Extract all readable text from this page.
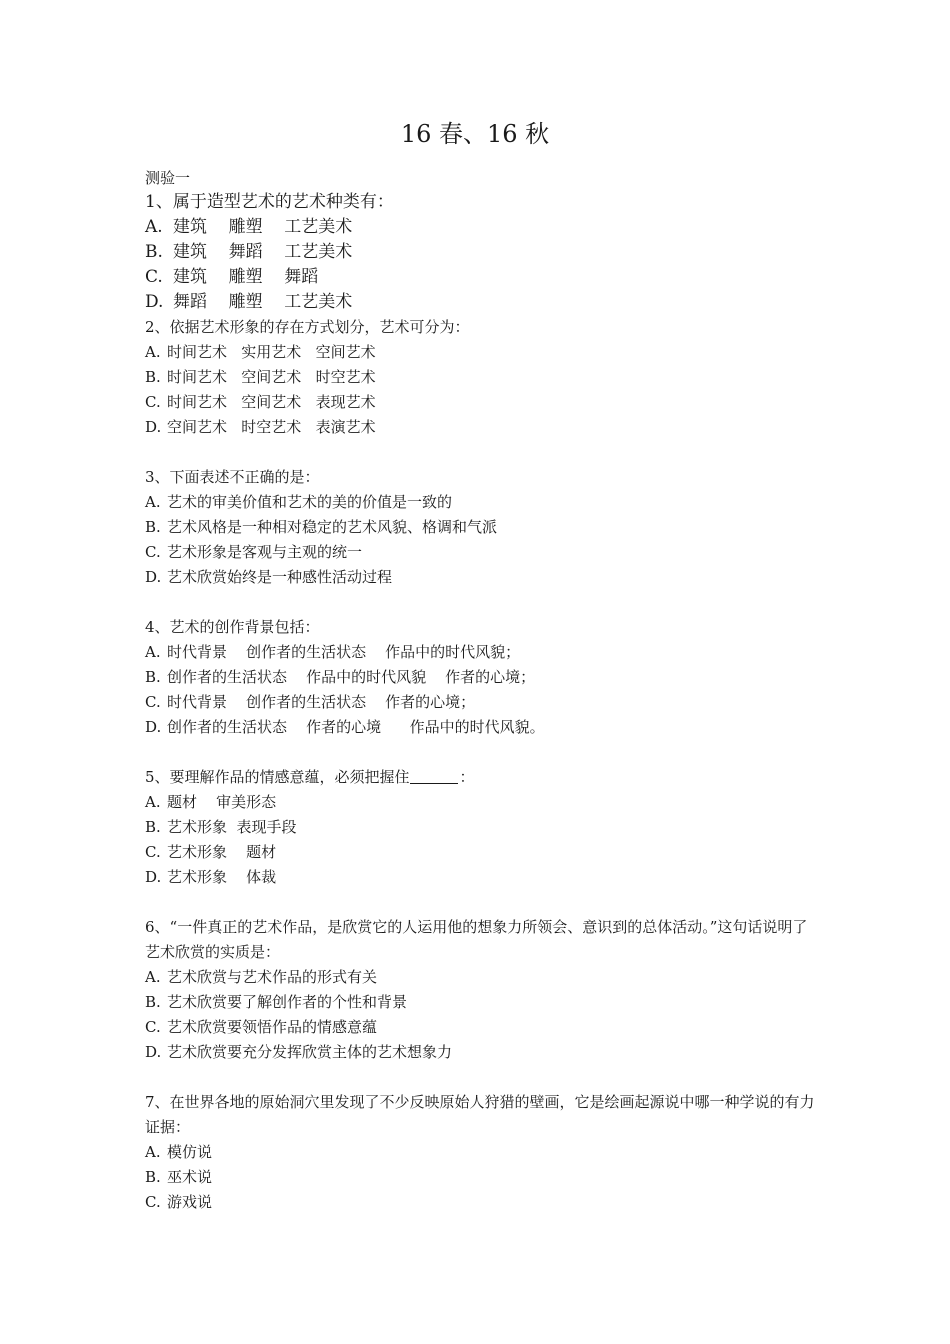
16 春、16 秋
测验一
1、属于造型艺术的艺术种类有：
A. 建筑    雕塑    工艺美术
B. 建筑    舞蹈    工艺美术
C. 建筑    雕塑    舞蹈
D. 舞蹈    雕塑    工艺美术
2、依据艺术形象的存在方式划分，艺术可分为：
A. 时间艺术   实用艺术   空间艺术
B. 时间艺术   空间艺术   时空艺术
C. 时间艺术   空间艺术   表现艺术
D. 空间艺术   时空艺术   表演艺术
3、下面表述不正确的是：
A. 艺术的审美价值和艺术的美的价值是一致的
B. 艺术风格是一种相对稳定的艺术风貌、格调和气派
C. 艺术形象是客观与主观的统一
D. 艺术欣赏始终是一种感性活动过程
4、艺术的创作背景包括：
A. 时代背景    创作者的生活状态    作品中的时代风貌；
B. 创作者的生活状态    作品中的时代风貌    作者的心境；
C. 时代背景    创作者的生活状态    作者的心境；
D. 创作者的生活状态    作者的心境      作品中的时代风貌。
5、要理解作品的情感意蕴，必须把握住	：
A. 题材    审美形态
B. 艺术形象  表现手段
C. 艺术形象    题材
D. 艺术形象    体裁
6、“一件真正的艺术作品，是欣赏它的人运用他的想象力所领会、意识到的总体活动。”这句话说明了艺术欣赏的实质是：
A. 艺术欣赏与艺术作品的形式有关
B. 艺术欣赏要了解创作者的个性和背景
C. 艺术欣赏要领悟作品的情感意蕴
D. 艺术欣赏要充分发挥欣赏主体的艺术想象力
7、在世界各地的原始洞穴里发现了不少反映原始人狩猎的壁画，它是绘画起源说中哪一种学说的有力证据：
A. 模仿说
B. 巫术说
C. 游戏说
